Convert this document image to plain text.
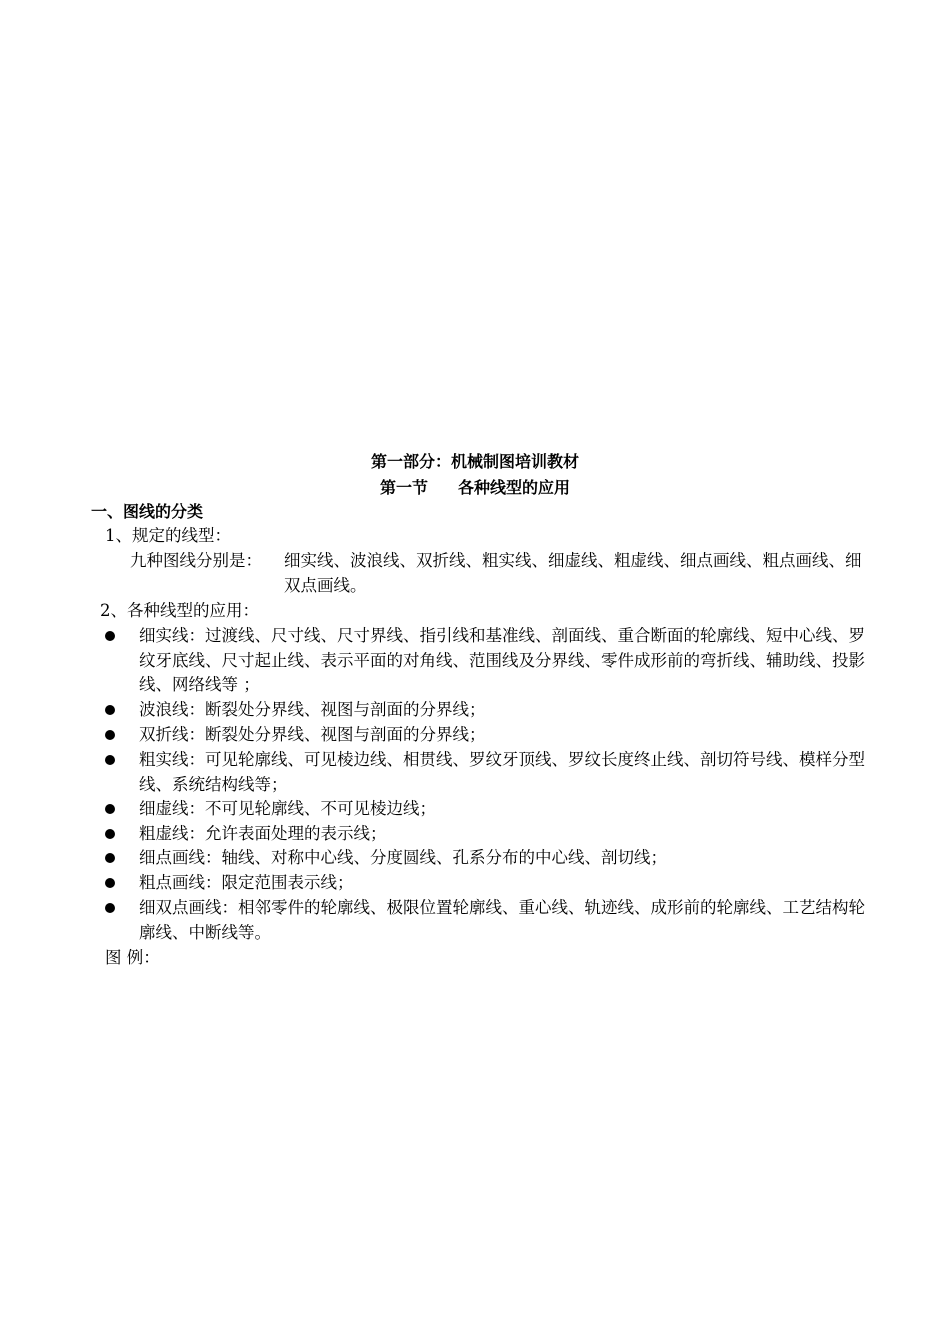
第一部分：机械制图培训教材
第一节 各种线型的应用
一、图线的分类
1、规定的线型：
九种图线分别是： 细实线、波浪线、双折线、粗实线、细虚线、粗虚线、细点画线、粗点画线、细双点画线。
2、各种线型的应用：
细实线：过渡线、尺寸线、尺寸界线、指引线和基准线、剖面线、重合断面的轮廓线、短中心线、罗纹牙底线、尺寸起止线、表示平面的对角线、范围线及分界线、零件成形前的弯折线、辅助线、投影线、网络线等 ；
波浪线：断裂处分界线、视图与剖面的分界线；
双折线：断裂处分界线、视图与剖面的分界线；
粗实线：可见轮廓线、可见棱边线、相贯线、罗纹牙顶线、罗纹长度终止线、剖切符号线、模样分型线、系统结构线等；
细虚线：不可见轮廓线、不可见棱边线；
粗虚线：允许表面处理的表示线；
细点画线：轴线、对称中心线、分度圆线、孔系分布的中心线、剖切线；
粗点画线：限定范围表示线；
细双点画线：相邻零件的轮廓线、极限位置轮廓线、重心线、轨迹线、成形前的轮廓线、工艺结构轮廓线、中断线等。
图 例：
